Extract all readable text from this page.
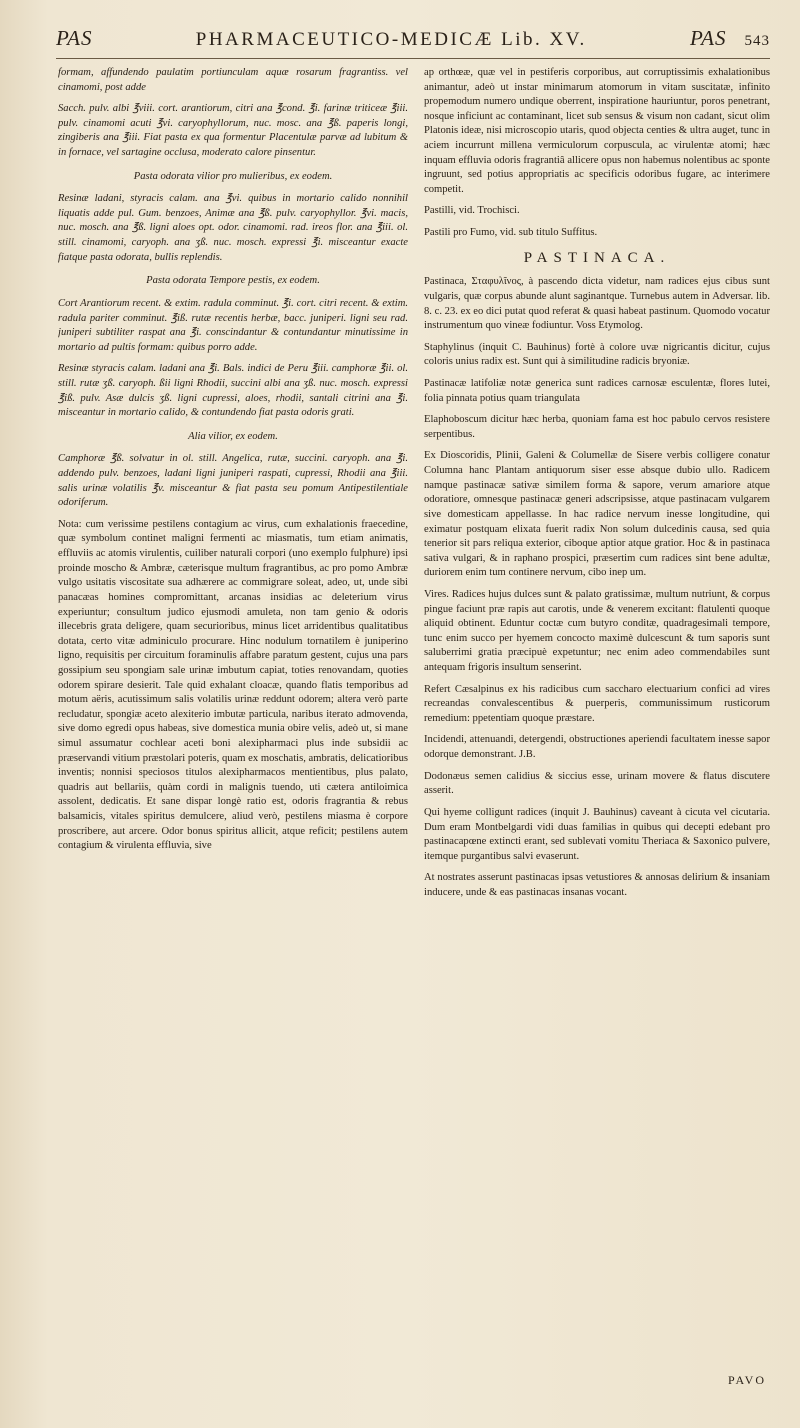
PAS	PHARMACEUTICO-MEDICÆ Lib. XV.	PAS 543

formam, affundendo paulatim portiunculam aquæ rosarum fragrantiss. vel cinamomi, post adde

Sacch. pulv. albi ℥viii. cort. arantiorum, citri ana ℥cond. ℥i. farinæ triticeæ ℥iii. pulv. cinamomi acuti ℥vi. caryophyllorum, nuc. mosc. ana ℥ß. paperis longi, zingiberis ana ℥iii. Fiat pasta ex qua formentur Placentulæ parvæ ad lubitum & in fornace, vel sartagine occlusa, moderato calore pinsentur.

Pasta odorata vilior pro mulieribus, ex eodem.

Resinæ ladani, styracis calam. ana ℥vi. quibus in mortario calido nonnihil liquatis adde pul. Gum. benzoes, Animæ ana ℥ß. pulv. caryophyllor. ℥vi. macis, nuc. mosch. ana ℥ß. ligni aloes opt. odor. cinamomi. rad. ireos flor. ana ℥iii. ol. still. cinamomi, caryoph. ana ʒß. nuc. mosch. expressi ℥i. misceantur exacte fiatque pasta odorata, bullis replendis.

Pasta odorata Tempore pestis, ex eodem.

Cort Arantiorum recent. & extim. radula comminut. ℥i. cort. citri recent. & extim. radula pariter comminut. ℥iß. rutæ recentis herbæ, bacc. juniperi. ligni seu rad. juniperi subtiliter raspat ana ℥i. conscindantur & contundantur minutissime in mortario ad pultis formam: quibus porro adde.

Resinæ styracis calam. ladani ana ℥i. Bals. indici de Peru ℥iii. camphoræ ℥ii. ol. still. rutæ ʒß. caryoph. ßii ligni Rhodii, succini albi ana ʒß. nuc. mosch. expressi ℥iß. pulv. Asæ dulcis ʒß. ligni cupressi, aloes, rhodii, santali citrini ana ℥i. misceantur in mortario calido, & contundendo fiat pasta odoris grati.

Alia vilior, ex eodem.

Camphoræ ℥ß. solvatur in ol. still. Angelica, rutæ, succini. caryoph. ana ℥i. addendo pulv. benzoes, ladani ligni juniperi raspati, cupressi, Rhodii ana ℥iii. salis urinæ volatilis ℥v. misceantur & fiat pasta seu pomum Antipestilentiale odoriferum.

Nota: cum verissime pestilens contagium ac virus, cum exhalationis fraecedine, quæ symbolum continet maligni fermenti ac miasmatis, tum etiam animatis, effluviis ac atomis virulentis, cuiliber naturali corpori (uno exemplo fulphure) ipsi proinde moscho & Ambræ, cæterisque multum fragrantibus, ac pro pomo Ambræ vulgo usitatis viscositate sua adhærere ac commigrare soleat, adeo, ut, unde sibi panacæas homines compromittant, arcanas insidias ac deleterium virus experiuntur; consultum judico ejusmodi amuleta, non tam genio & odoris illecebris grata deligere, quam securioribus, minus licet arridentibus qualitatibus dotata, certo vitæ adminiculo procurare. Hinc nodulum tornatilem è juniperino ligno, requisitis per circuitum foraminulis affabre paratum gestent, cujus una pars gossipium seu spongiam sale urinæ imbutum capiat, toties renovandam, quoties odorem spirare desierit. Tale quid exhalant cloacæ, quando flatis temporibus ad motum aëris, acutissimum salis volatilis urinæ reddunt odorem; altera verò parte recludatur, spongiæ aceto alexiterio imbutæ particula, naribus iterato admovenda, sive domo egredi opus habeas, sive domestica munia obire velis, adeò ut, si mane simul assumatur cochlear aceti boni alexipharmaci plus inde subsidii ac præservandi vitium præstolari poteris, quam ex moschatis, ambratis, delicatioribus inventis; nonnisi speciosos titulos alexipharmacos mentientibus, plus palato, quadris aut bellariis, quàm cordi in malignis tuendo, uti cætera antiloimica assolent, dedicatis. Et sane dispar longè ratio est, odoris fragrantia & rebus balsamicis, vitales spiritus demulcere, aliud verò, pestilens miasma è corpore proscribere, aut arcere. Odor bonus spiritus allicit, atque reficit; pestilens autem contagium & virulenta effluvia, sive

ap orthœæ, quæ vel in pestiferis corporibus, aut corruptissimis exhalationibus animantur, adeò ut instar minimarum atomorum in vitam suscitatæ, infinito propemodum numero undique oberrent, inspiratione hauriuntur, poros penetrant, nosque inficiunt ac contaminant, licet sub sensus & visum non cadant, sicut olim Platonis ideæ, nisi microscopio utaris, quod objecta centies & ultra auget, tunc in aciem incurrunt millena vermiculorum corpuscula, ac virulentæ atomi; hæc inquam effluvia odoris fragrantiâ allicere opus non habemus nolentibus ac sponte ingruunt, sed potius appropriatis ac specificis odoribus fugare, ac interimere competit.

Pastilli, vid. Trochisci.

Pastili pro Fumo, vid. sub titulo Suffitus.

PASTINACA.

Pastinaca, Σταφυλῖνος, à pascendo dicta videtur, nam radices ejus cibus sunt vulgaris, quæ corpus abunde alunt saginantque. Turnebus autem in Adversar. lib. 8. c. 23. ex eo dici putat quod referat & quasi habeat pastinum. Quomodo vocatur instrumentum quo vineæ fodiuntur. Voss Etymolog.

Staphylinus (inquit C. Bauhinus) fortè à colore uvæ nigricantis dicitur, cujus coloris unius radix est. Sunt qui à similitudine radicis bryoniæ.

Pastinacæ latifoliæ notæ generica sunt radices carnosæ esculentæ, flores lutei, folia pinnata potius quam triangulata

Elaphoboscum dicitur hæc herba, quoniam fama est hoc pabulo cervos resistere serpentibus.

Ex Dioscoridis, Plinii, Galeni & Columellæ de Sisere verbis colligere conatur Columna hanc Plantam antiquorum siser esse absque dubio ullo. Radicem namque pastinacæ sativæ similem forma & sapore, verum amariore atque odoratiore, omnesque pastinacæ generi adscripsisse, atque pastinacam vulgarem sive domesticam appellasse. In hac radice nervum inesse longitudine, qui eximatur postquam elixata fuerit radix Non solum dulcedinis causa, sed quia tenerior sit pars reliqua exterior, ciboque aptior atque gratior. Hoc & in pastinaca sativa vulgari, & in raphano prospici, præsertim cum radices sint bene adultæ, duriorem enim tum continere nervum, cibo inep um.

Vires. Radices hujus dulces sunt & palato gratissimæ, multum nutriunt, & corpus pingue faciunt præ rapis aut carotis, unde & venerem excitant: flatulenti quoque aliquid obtinent. Eduntur coctæ cum butyro conditæ, quadragesimali tempore, tunc enim succo per hyemem concocto maximè dulcescunt & tum saporis sunt saluberrimi gratia præcipuè expetuntur; nec enim adeo commendabiles sunt antequam frigoris insultum senserint.

Refert Cæsalpinus ex his radicibus cum saccharo electuarium confici ad vires recreandas convalescentibus & puerperis, communissimum rusticorum remedium: ppetentiam quoque præstare.

Incidendi, attenuandi, detergendi, obstructiones aperiendi facultatem inesse sapor odorque demonstrant. J.B.

Dodonæus semen calidius & siccius esse, urinam movere & flatus discutere asserit.

Qui hyeme colligunt radices (inquit J. Bauhinus) caveant à cicuta vel cicutaria. Dum eram Montbelgardi vidi duas familias in quibus qui decepti edebant pro pastinacapœne extincti erant, sed sublevati vomitu Theriaca & Saxonico pulvere, itemque purgantibus salvi evaserunt.

At nostrates asserunt pastinacas ipsas vetustiores & annosas delirium & insaniam inducere, unde & eas pastinacas insanas vocant.

PAVO
